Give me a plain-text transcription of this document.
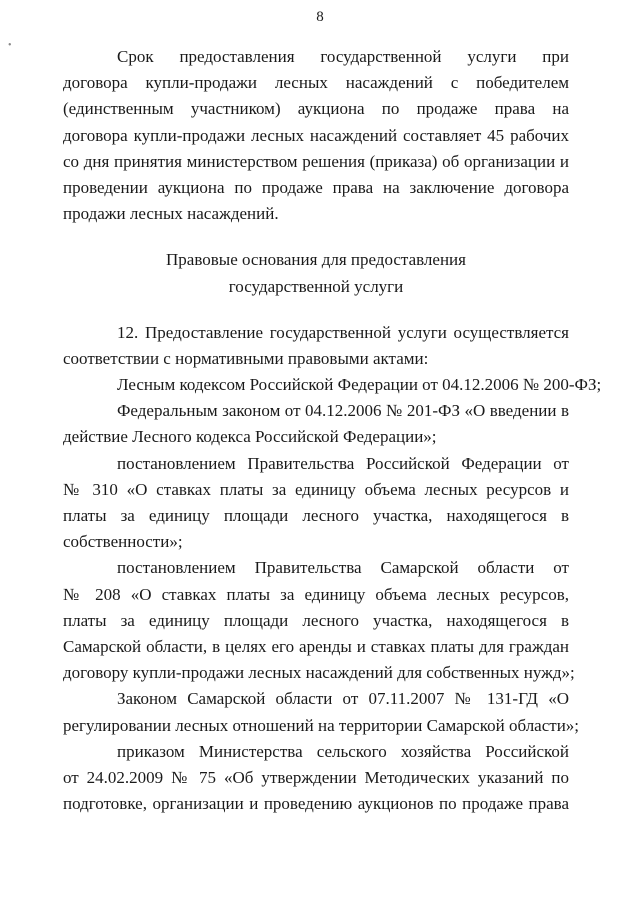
8
•
Срок предоставления государственной услуги при
договора купли-продажи лесных насаждений с победителем
(единственным участником) аукциона по продаже права на
договора купли-продажи лесных насаждений составляет 45 рабочих
со дня принятия министерством решения (приказа) об организации и
проведении аукциона по продаже права на заключение договора
продажи лесных насаждений.
Правовые основания для предоставления
государственной услуги
12. Предоставление государственной услуги осуществляется
соответствии с нормативными правовыми актами:
Лесным кодексом Российской Федерации от 04.12.2006 № 200-ФЗ;
Федеральным законом от 04.12.2006 № 201-ФЗ «О введении в
действие Лесного кодекса Российской Федерации»;
постановлением Правительства Российской Федерации от
№ 310 «О ставках платы за единицу объема лесных ресурсов и
платы за единицу площади лесного участка, находящегося в
собственности»;
постановлением Правительства Самарской области от
№ 208 «О ставках платы за единицу объема лесных ресурсов,
платы за единицу площади лесного участка, находящегося в
Самарской области, в целях его аренды и ставках платы для граждан
договору купли-продажи лесных насаждений для собственных нужд»;
Законом Самарской области от 07.11.2007 № 131-ГД «О
регулировании лесных отношений на территории Самарской области»;
приказом Министерства сельского хозяйства Российской
от 24.02.2009 № 75 «Об утверждении Методических указаний по
подготовке, организации и проведению аукционов по продаже права
